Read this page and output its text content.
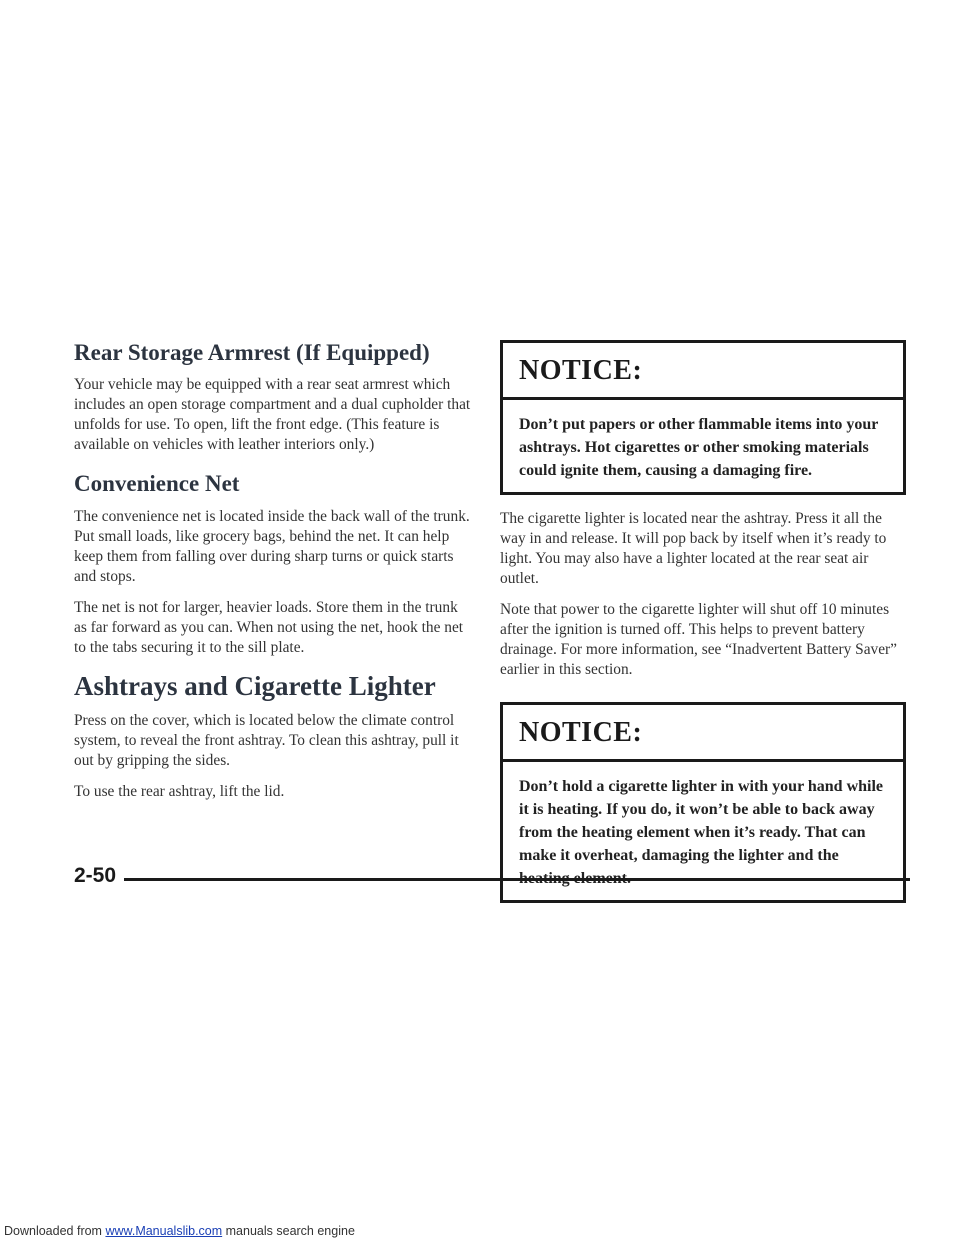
Rear Storage Armrest (If Equipped)

Your vehicle may be equipped with a rear seat armrest which includes an open storage compartment and a dual cupholder that unfolds for use. To open, lift the front edge. (This feature is available on vehicles with leather interiors only.)

Convenience Net

The convenience net is located inside the back wall of the trunk. Put small loads, like grocery bags, behind the net. It can help keep them from falling over during sharp turns or quick starts and stops.

The net is not for larger, heavier loads. Store them in the trunk as far forward as you can. When not using the net, hook the net to the tabs securing it to the sill plate.

Ashtrays and Cigarette Lighter

Press on the cover, which is located below the climate control system, to reveal the front ashtray. To clean this ashtray, pull it out by gripping the sides.

To use the rear ashtray, lift the lid.

NOTICE:
Don’t put papers or other flammable items into your ashtrays. Hot cigarettes or other smoking materials could ignite them, causing a damaging fire.

The cigarette lighter is located near the ashtray. Press it all the way in and release. It will pop back by itself when it’s ready to light. You may also have a lighter located at the rear seat air outlet.

Note that power to the cigarette lighter will shut off 10 minutes after the ignition is turned off. This helps to prevent battery drainage. For more information, see “Inadvertent Battery Saver” earlier in this section.

NOTICE:
Don’t hold a cigarette lighter in with your hand while it is heating. If you do, it won’t be able to back away from the heating element when it’s ready. That can make it overheat, damaging the lighter and the
2-50
Downloaded from www.Manualslib.com manuals search engine
